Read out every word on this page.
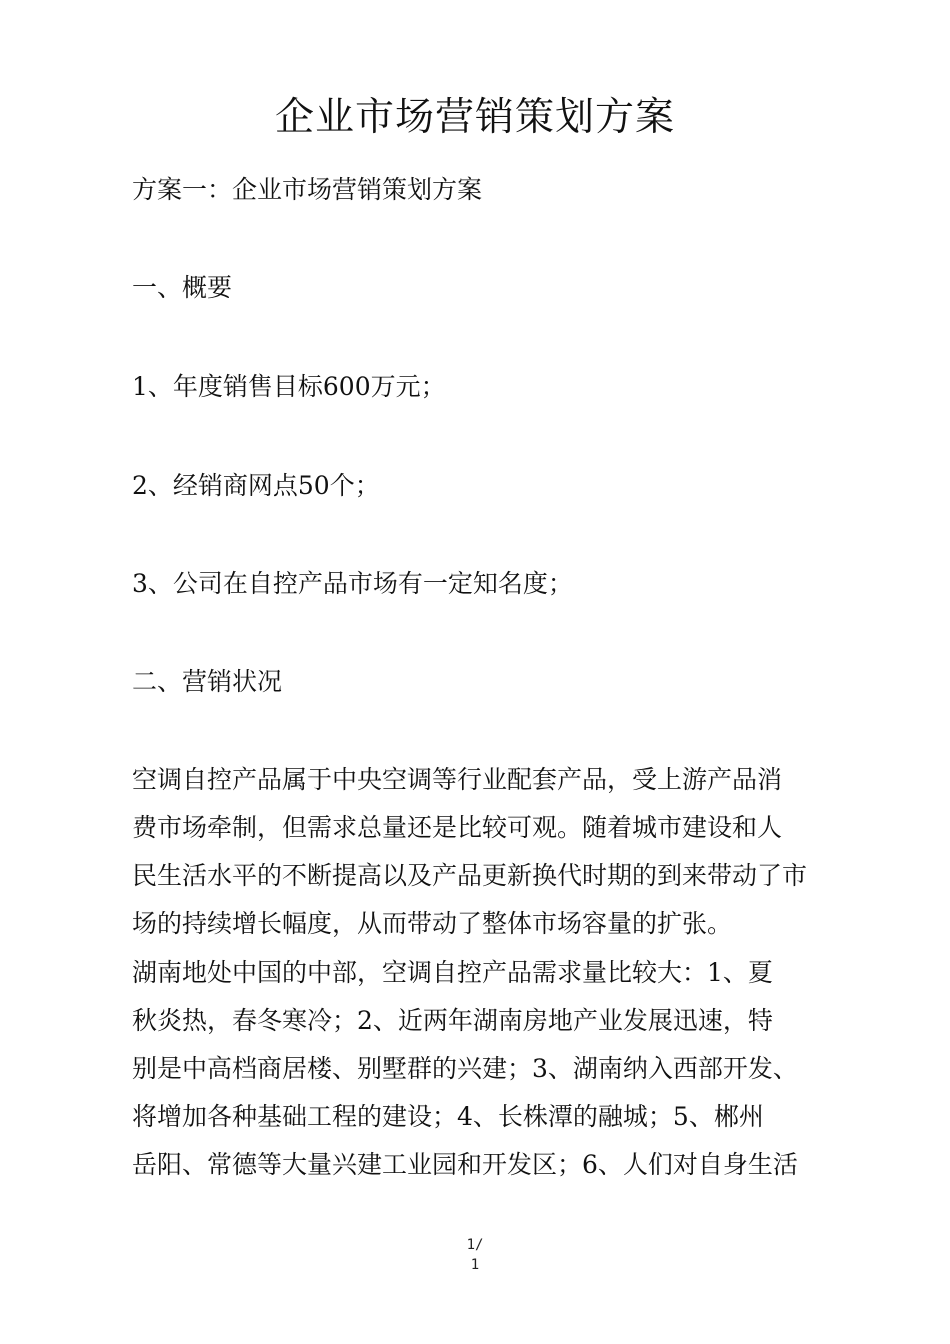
企业市场营销策划方案
方案一：企业市场营销策划方案
一、概要
1、年度销售目标600万元；
2、经销商网点50个；
3、公司在自控产品市场有一定知名度；
二、营销状况
空调自控产品属于中央空调等行业配套产品，受上游产品消
费市场牵制，但需求总量还是比较可观。随着城市建设和人
民生活水平的不断提高以及产品更新换代时期的到来带动了市
场的持续增长幅度，从而带动了整体市场容量的扩张。
湖南地处中国的中部，空调自控产品需求量比较大：1、夏
秋炎热，春冬寒冷；2、近两年湖南房地产业发展迅速，特
别是中高档商居楼、别墅群的兴建；3、湖南纳入西部开发、
将增加各种基础工程的建设；4、长株潭的融城；5、郴州
岳阳、常德等大量兴建工业园和开发区；6、人们对自身生活
1/
1
